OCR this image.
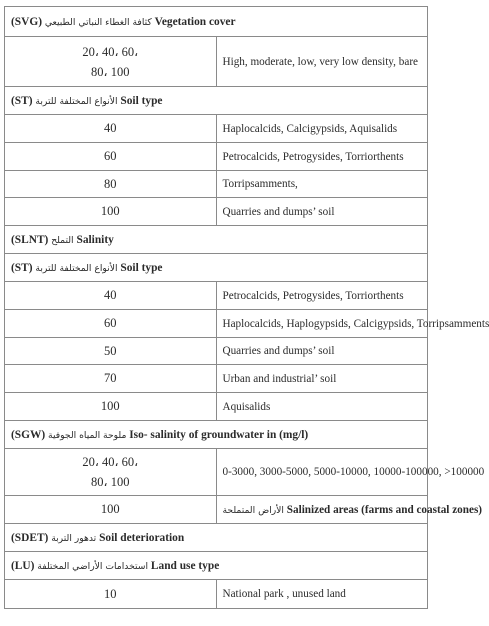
(SVG) كثافة الغطاء النباتي الطبيعي Vegetation cover	

20، 40، 60،
80، 100	High, moderate, low, very low density, bare
(ST) الأنواع المختلفة للتربة Soil type	
40	Haplocalcids, Calcigypsids, Aquisalids
60	Petrocalcids, Petrogysides, Torriorthents
80	Torripsamments,
100	Quarries and dumps’ soil
(SLNT) التملح Salinity	
(ST) الأنواع المختلفة للتربة Soil type	
40	Petrocalcids, Petrogysides, Torriorthents
60	Haplocalcids, Haplogypsids, Calcigypsids, Torripsamments
50	Quarries and dumps’ soil
70	Urban and industrial’ soil
100	Aquisalids
(SGW) ملوحة المياه الجوفية Iso- salinity of groundwater in (mg/l)	

20، 40، 60،
80، 100	0-3000, 3000-5000, 5000-10000, 10000-100000, >100000
100	الأراض المتملحة Salinized areas (farms and coastal zones)
(SDET) تدهور التربة Soil deterioration	
(LU) استخدامات الأراضي المختلفة Land use type	
10	National park , unused land
